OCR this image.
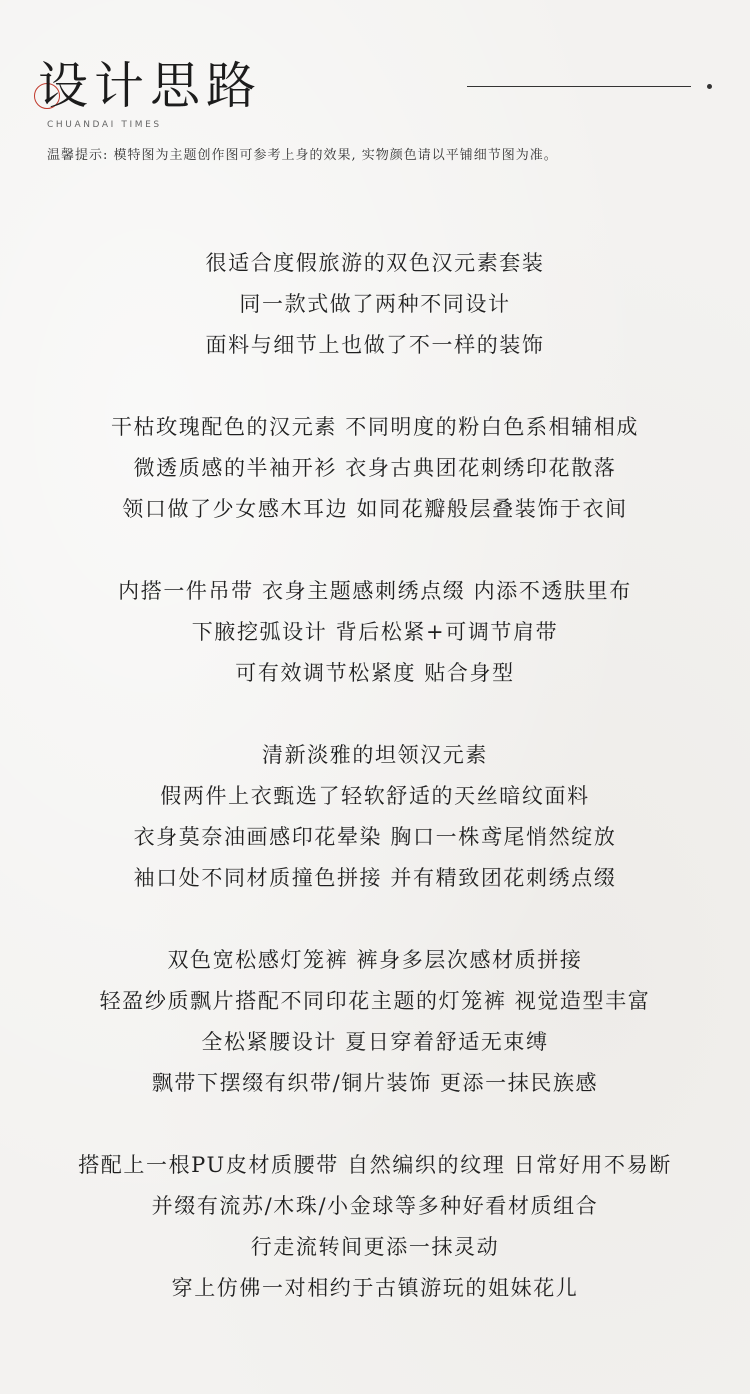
设计思路
CHUANDAI TIMES
温馨提示: 模特图为主题创作图可参考上身的效果, 实物颜色请以平铺细节图为准。
很适合度假旅游的双色汉元素套装
同一款式做了两种不同设计
面料与细节上也做了不一样的装饰
干枯玫瑰配色的汉元素 不同明度的粉白色系相辅相成
微透质感的半袖开衫 衣身古典团花刺绣印花散落
领口做了少女感木耳边 如同花瓣般层叠装饰于衣间
内搭一件吊带 衣身主题感刺绣点缀 内添不透肤里布
下腋挖弧设计 背后松紧+可调节肩带
可有效调节松紧度 贴合身型
清新淡雅的坦领汉元素
假两件上衣甄选了轻软舒适的天丝暗纹面料
衣身莫奈油画感印花晕染 胸口一株鸢尾悄然绽放
袖口处不同材质撞色拼接 并有精致团花刺绣点缀
双色宽松感灯笼裤 裤身多层次感材质拼接
轻盈纱质飘片搭配不同印花主题的灯笼裤 视觉造型丰富
全松紧腰设计 夏日穿着舒适无束缚
飘带下摆缀有织带/铜片装饰 更添一抹民族感
搭配上一根PU皮材质腰带 自然编织的纹理 日常好用不易断
并缀有流苏/木珠/小金球等多种好看材质组合
行走流转间更添一抹灵动
穿上仿佛一对相约于古镇游玩的姐妹花儿
